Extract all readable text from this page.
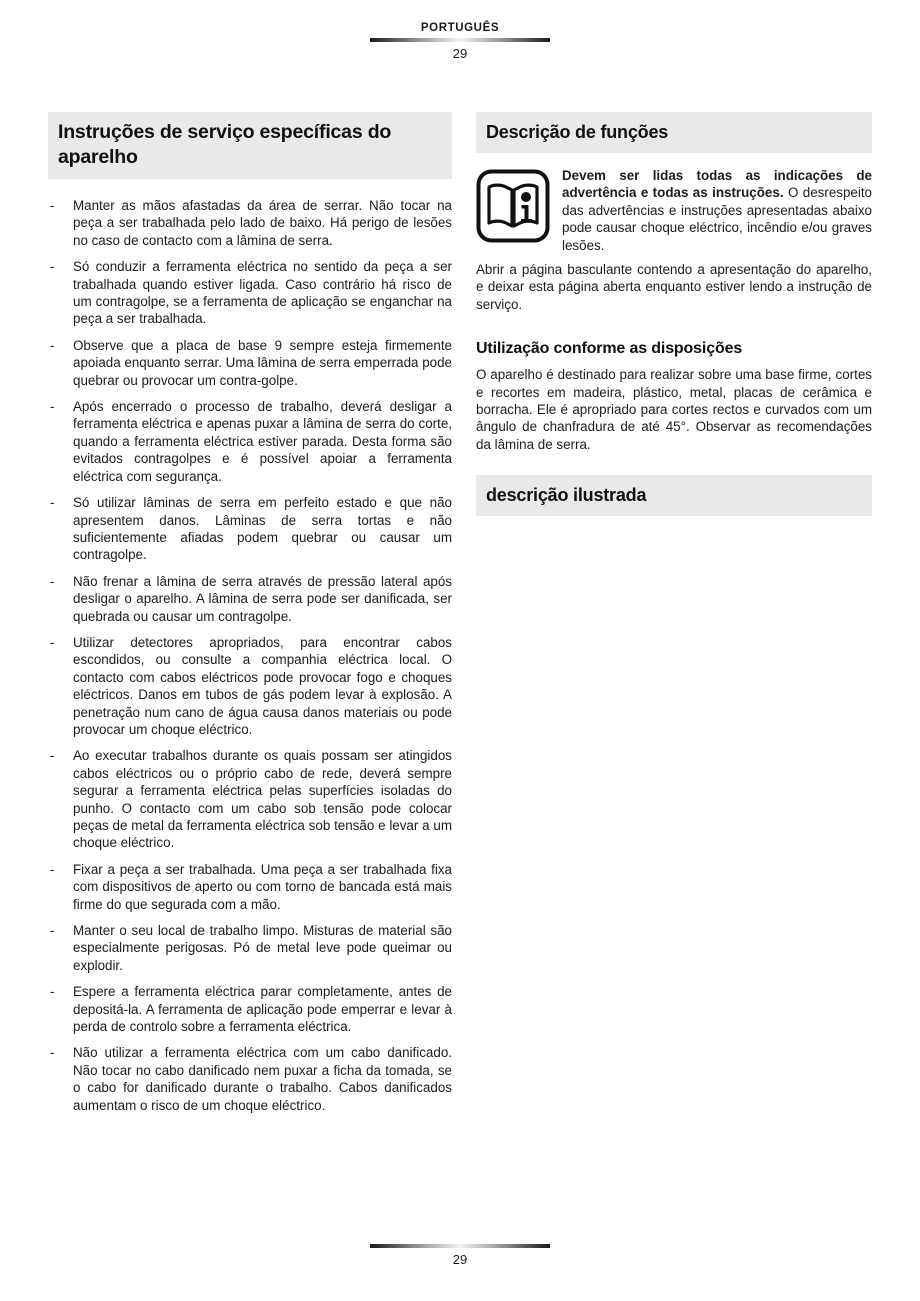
PORTUGUÊS
29
Instruções de serviço específicas do aparelho
- Manter as mãos afastadas da área de serrar. Não tocar na peça a ser trabalhada pelo lado de baixo. Há perigo de lesões no caso de contacto com a lâmina de serra.
- Só conduzir a ferramenta eléctrica no sentido da peça a ser trabalhada quando estiver ligada. Caso contrário há risco de um contragolpe, se a ferramenta de aplicação se enganchar na peça a ser trabalhada.
- Observe que a placa de base 9 sempre esteja firmemente apoiada enquanto serrar. Uma lâmina de serra emperrada pode quebrar ou provocar um contra-golpe.
- Após encerrado o processo de trabalho, deverá desligar a ferramenta eléctrica e apenas puxar a lâmina de serra do corte, quando a ferramenta eléctrica estiver parada. Desta forma são evitados contragolpes e é possível apoiar a ferramenta eléctrica com segurança.
- Só utilizar lâminas de serra em perfeito estado e que não apresentem danos. Lâminas de serra tortas e não suficientemente afiadas podem quebrar ou causar um contragolpe.
- Não frenar a lâmina de serra através de pressão lateral após desligar o aparelho. A lâmina de serra pode ser danificada, ser quebrada ou causar um contragolpe.
- Utilizar detectores apropriados, para encontrar cabos escondidos, ou consulte a companhia eléctrica local. O contacto com cabos eléctricos pode provocar fogo e choques eléctricos. Danos em tubos de gás podem levar à explosão. A penetração num cano de água causa danos materiais ou pode provocar um choque eléctrico.
- Ao executar trabalhos durante os quais possam ser atingidos cabos eléctricos ou o próprio cabo de rede, deverá sempre segurar a ferramenta eléctrica pelas superfícies isoladas do punho. O contacto com um cabo sob tensão pode colocar peças de metal da ferramenta eléctrica sob tensão e levar a um choque eléctrico.
- Fixar a peça a ser trabalhada. Uma peça a ser trabalhada fixa com dispositivos de aperto ou com torno de bancada está mais firme do que segurada com a mão.
- Manter o seu local de trabalho limpo. Misturas de material são especialmente perigosas. Pó de metal leve pode queimar ou explodir.
- Espere a ferramenta eléctrica parar completamente, antes de depositá-la. A ferramenta de aplicação pode emperrar e levar à perda de controlo sobre a ferramenta eléctrica.
- Não utilizar a ferramenta eléctrica com um cabo danificado. Não tocar no cabo danificado nem puxar a ficha da tomada, se o cabo for danificado durante o trabalho. Cabos danificados aumentam o risco de um choque eléctrico.
Descrição de funções
Devem ser lidas todas as indicações de advertência e todas as instruções. O desrespeito das advertências e instruções apresentadas abaixo pode causar choque eléctrico, incêndio e/ou graves lesões.

Abrir a página basculante contendo a apresentação do aparelho, e deixar esta página aberta enquanto estiver lendo a instrução de serviço.

Utilização conforme as disposições

O aparelho é destinado para realizar sobre uma base firme, cortes e recortes em madeira, plástico, metal, placas de cerâmica e borracha. Ele é apropriado para cortes rectos e curvados com um ângulo de chanfradura de até 45°. Observar as recomendações da lâmina de serra.

descrição ilustrada
29
